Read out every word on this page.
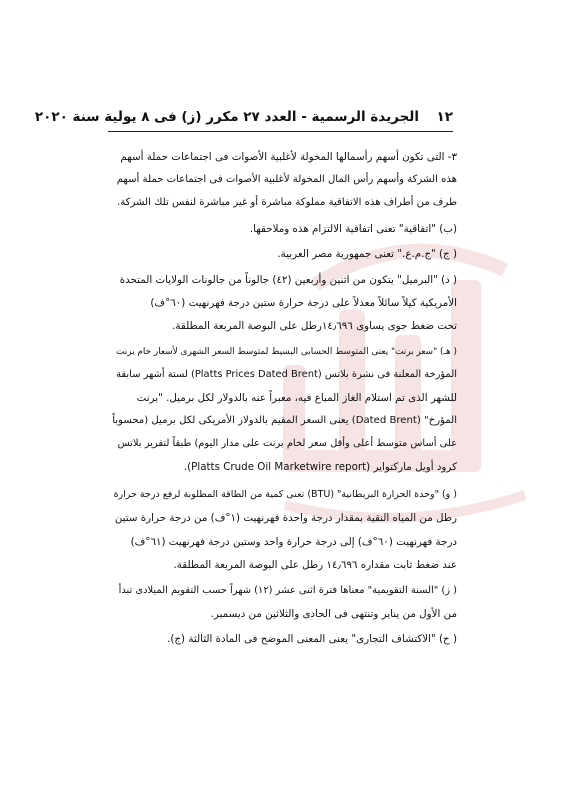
١٢
الجريدة الرسمية - العدد ٢٧ مكرر (ز) فى ٨ يولية سنة ٢٠٢٠
٣- التى تكون أسهم رأسمالها المخولة لأغلبية الأصوات فى اجتماعات حملة أسهم
هذه الشركة وأسهم رأس المال المخولة لأغلبية الأصوات فى اجتماعات حملة أسهم
طرف من أطراف هذه الاتفاقية مملوكة مباشرة أو غير مباشرة لنفس تلك الشركة.
(ب) "اتفاقية" تعنى اتفاقية الالتزام هذه وملاحقها.
( ج) "ج.م.ع." تعنى جمهورية مصر العربية.
( د) "البرميل" يتكون من اثنين وأربعين (٤٢) جالوناً من جالونات الولايات المتحدة
الأمريكية كيلاً سائلاً معدلاً على درجة حرارة ستين درجة فهرنهيت (٦٠°ف)
تحت ضغط جوى يساوى ١٤٫٦٩٦رطل على البوصة المربعة المطلقة.
( هـ) "سعر برنت" يعنى المتوسط الحسابى البسيط لمتوسط السعر الشهرى لأسعار خام برنت
المؤرخة المعلنة فى نشرة بلاتس (Platts Prices Dated Brent) لستة أشهر سابقة
للشهر الذى تم استلام الغاز المباع فيه، معبراً عنه بالدولار لكل برميل. "برنت
المؤرخ" (Dated Brent) يعنى السعر المقيم بالدولار الأمريكى لكل برميل (محسوباً
على أساس متوسط أعلى وأقل سعر لخام برنت على مدار اليوم) طبقاً لتقرير بلاتس
كرود أويل ماركتواير (Platts Crude Oil Marketwire report).
( و) "وحدة الحرارة البريطانية" (BTU) تعنى كمية من الطاقة المطلوبة لرفع درجة حرارة
رطل من المياه النقية بمقدار درجة واحدة فهرنهيت (١°ف) من درجة حرارة ستين
درجة فهرنهيت (٦٠°ف) إلى درجة حرارة واحد وستين درجة فهرنهيت (٦١°ف)
عند ضغط ثابت مقداره ١٤٫٦٩٦ رطل على البوصة المربعة المطلقة.
( ز) "السنة التقويمية" معناها فترة اثنى عشر (١٢) شهراً حسب التقويم الميلادى تبدأ
من الأول من يناير وتنتهى فى الحادى والثلاثين من ديسمبر.
( ح) "الاكتشاف التجارى" يعنى المعنى الموضح فى المادة الثالثة (ج).
